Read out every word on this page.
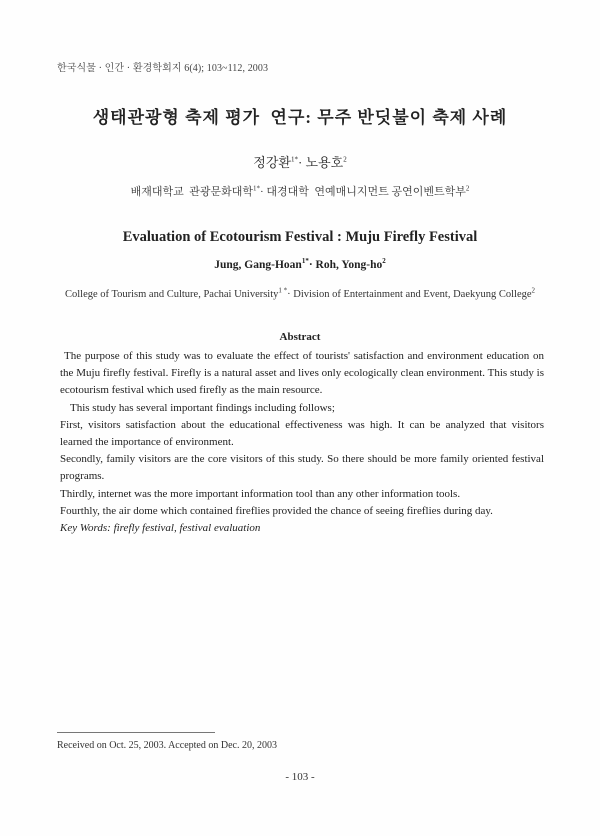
한국식물 · 인간 · 환경학회지 6(4); 103~112, 2003
생태관광형 축제 평가  연구: 무주 반딧불이 축제 사례
정강환$^{1*}$· 노용호$^2$
배재대학교  관광문화대학$^{1*}$· 대경대학  연예매니지먼트 공연이벤트학부$^2$
Evaluation of Ecotourism Festival : Muju Firefly Festival
Jung, Gang-Hoan$^{1*}$· Roh, Yong-$ho^2$
College of Tourism and Culture, Pachai University$^{1 *}$· Division of Entertainment and Event, Daekyung College$^2$
Abstract

The purpose of this study was to evaluate the effect of tourists' satisfaction and environment education on the Muju firefly festival. Firefly is a natural asset and lives only ecologically clean environment. This study is ecotourism festival which used firefly as the main resource.

This study has several important findings including follows;

First, visitors satisfaction about the educational effectiveness was high. It can be analyzed that visitors learned the importance of environment.

Secondly, family visitors are the core visitors of this study. So there should be more family oriented festival programs.

Thirdly, internet was the more important information tool than any other information tools.

Fourthly, the air dome which contained fireflies provided the chance of seeing fireflies during day.

Key Words: firefly festival, festival evaluation

Received on Oct. 25, 2003. Accepted on Dec. 20, 2003
- 103 -
